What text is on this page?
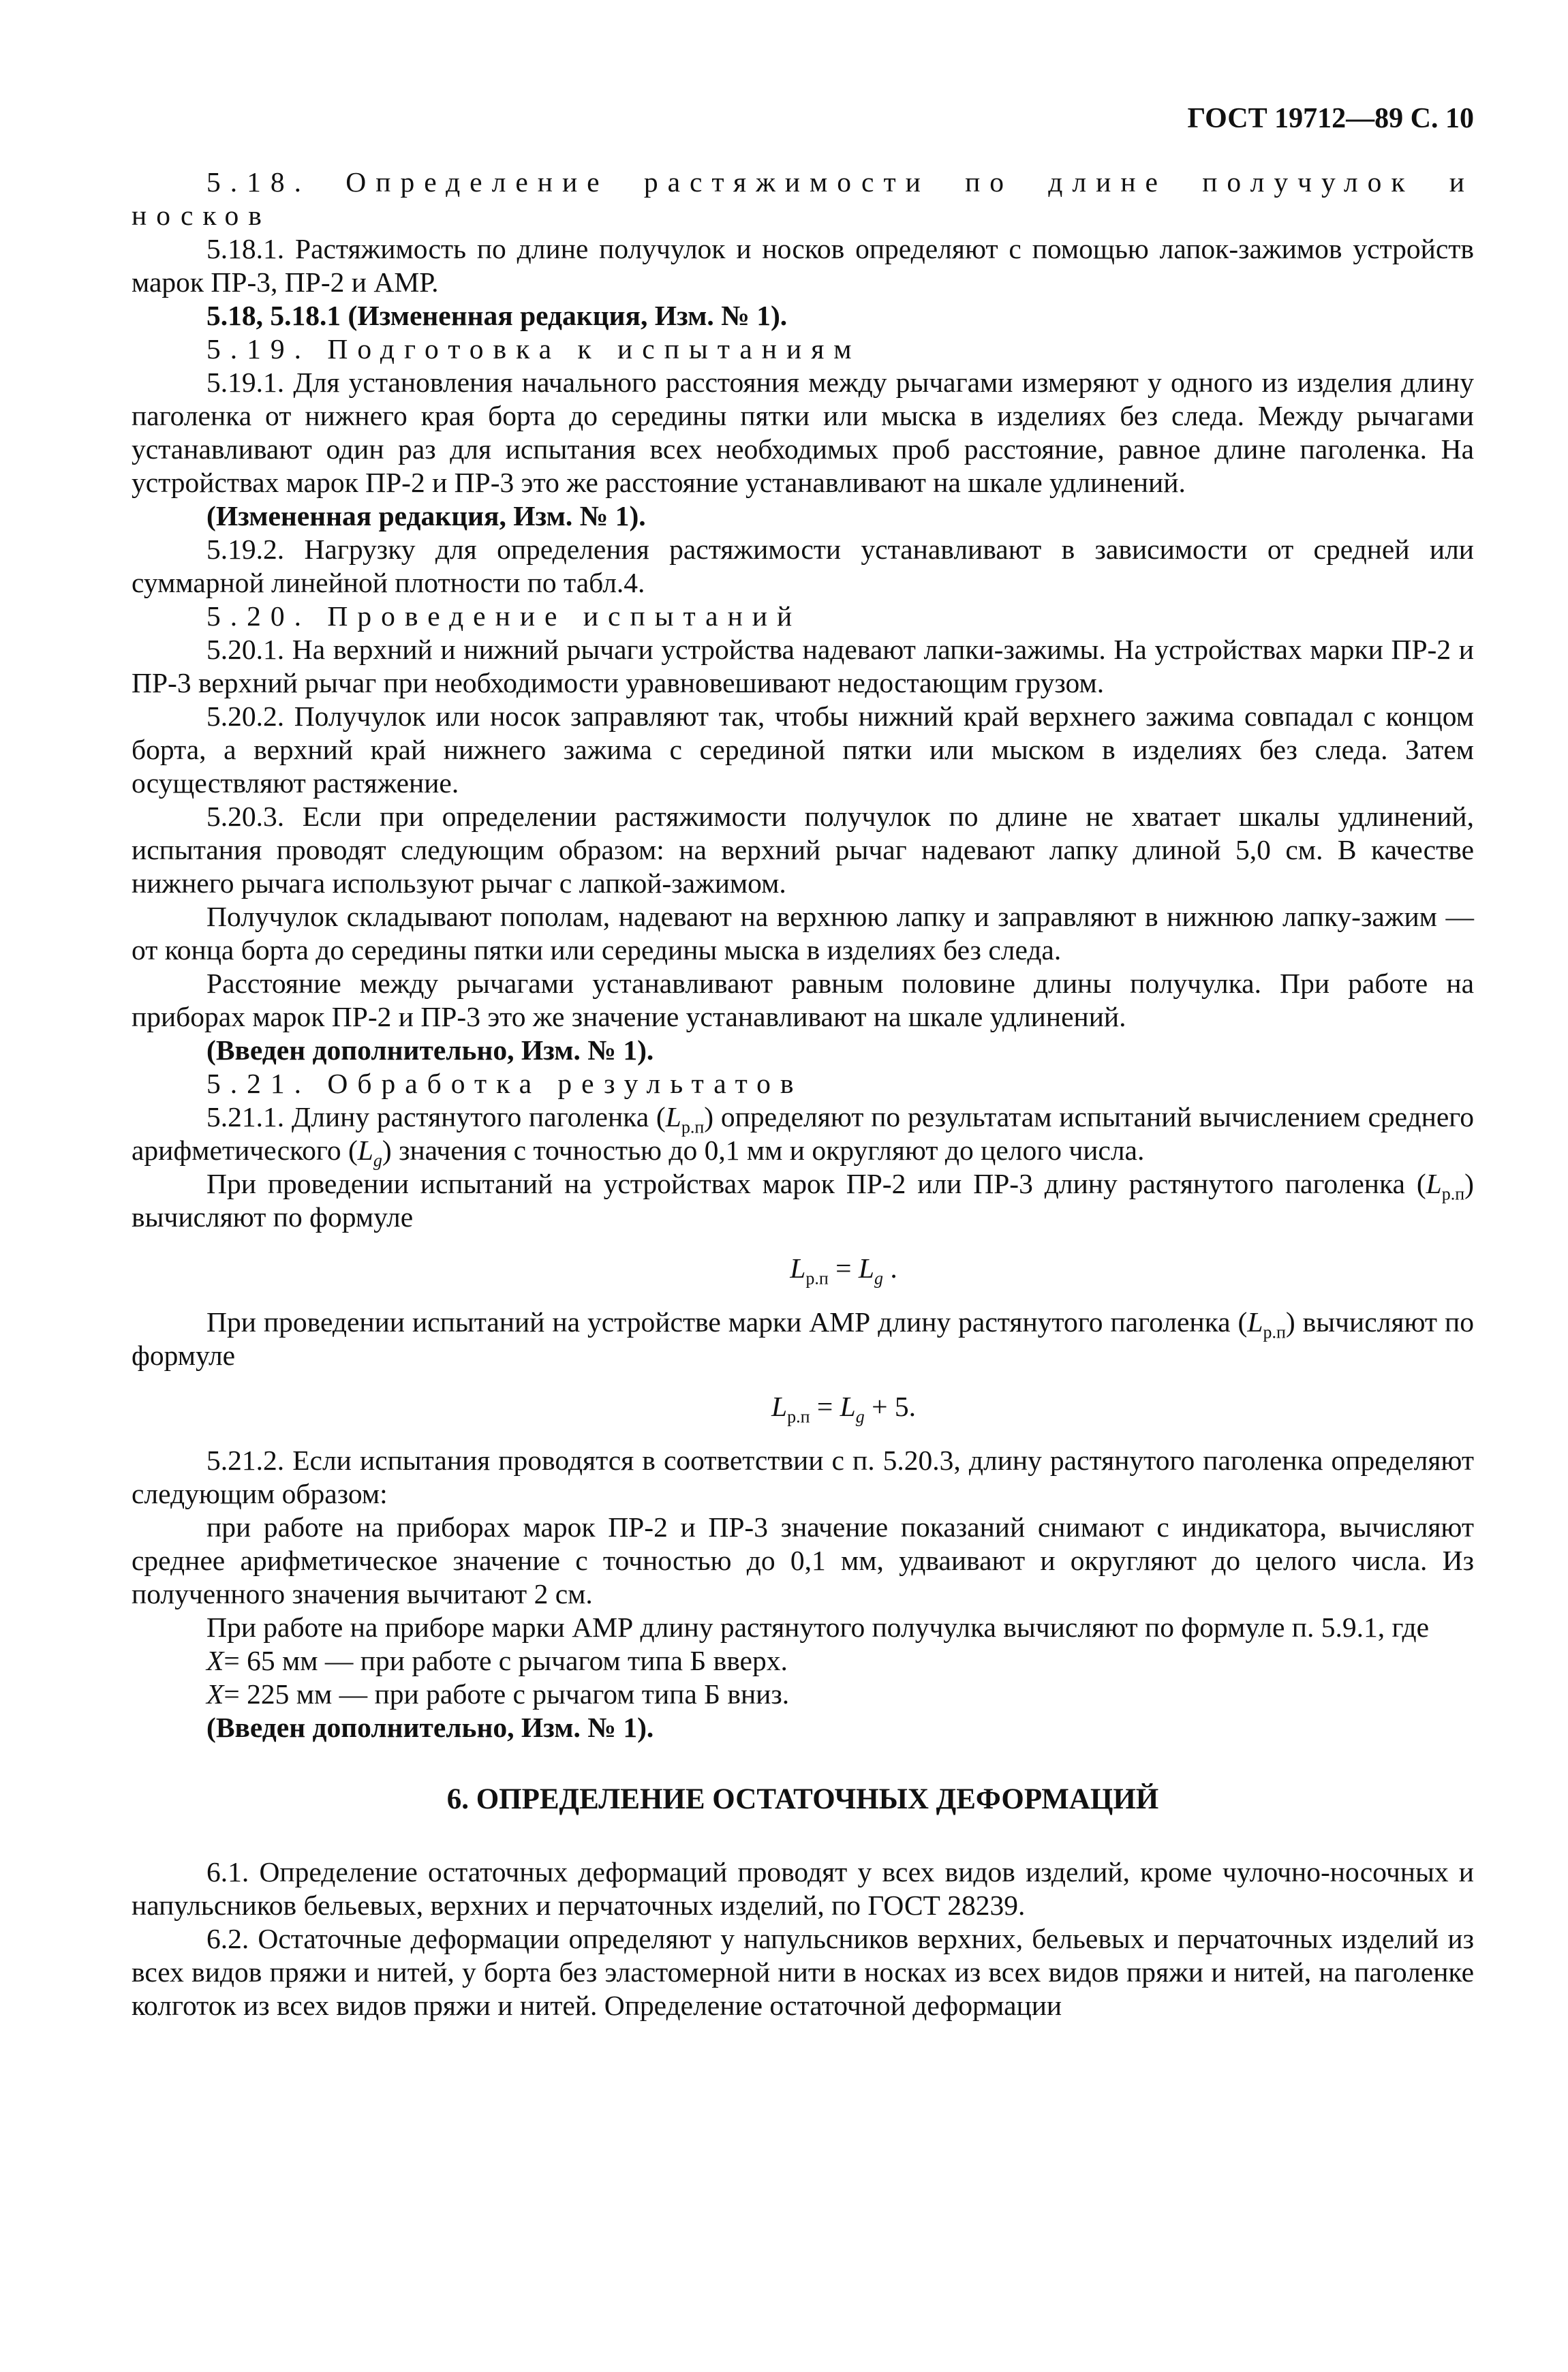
ГОСТ 19712—89 С. 10

5.18. Определение растяжимости по длине получулок и носков

5.18.1. Растяжимость по длине получулок и носков определяют с помощью лапок-зажимов устройств марок ПР-3, ПР-2 и АМР.

5.18, 5.18.1 (Измененная редакция, Изм. № 1).

5.19. Подготовка к испытаниям

5.19.1. Для установления начального расстояния между рычагами измеряют у одного из изделия длину паголенка от нижнего края борта до середины пятки или мыска в изделиях без следа. Между рычагами устанавливают один раз для испытания всех необходимых проб расстояние, равное длине паголенка. На устройствах марок ПР-2 и ПР-3 это же расстояние устанавливают на шкале удлинений.

(Измененная редакция, Изм. № 1).

5.19.2. Нагрузку для определения растяжимости устанавливают в зависимости от средней или суммарной линейной плотности по табл.4.

5.20. Проведение испытаний

5.20.1. На верхний и нижний рычаги устройства надевают лапки-зажимы. На устройствах марки ПР-2 и ПР-3 верхний рычаг при необходимости уравновешивают недостающим грузом.

5.20.2. Получулок или носок заправляют так, чтобы нижний край верхнего зажима совпадал с концом борта, а верхний край нижнего зажима с серединой пятки или мыском в изделиях без следа. Затем осуществляют растяжение.

5.20.3. Если при определении растяжимости получулок по длине не хватает шкалы удлинений, испытания проводят следующим образом: на верхний рычаг надевают лапку длиной 5,0 см. В качестве нижнего рычага используют рычаг с лапкой-зажимом.

Получулок складывают пополам, надевают на верхнюю лапку и заправляют в нижнюю лапку-зажим — от конца борта до середины пятки или середины мыска в изделиях без следа.

Расстояние между рычагами устанавливают равным половине длины получулка. При работе на приборах марок ПР-2 и ПР-3 это же значение устанавливают на шкале удлинений.

(Введен дополнительно, Изм. № 1).

5.21. Обработка результатов

5.21.1. Длину растянутого паголенка $(L_{р.п})$ определяют по результатам испытаний вычислением среднего арифметического $(L_g)$ значения с точностью до 0,1 мм и округляют до целого числа.

При проведении испытаний на устройствах марок ПР-2 или ПР-3 длину растянутого паголенка $(L_{р.п})$ вычисляют по формуле

$L_{р.п} = L_g$ .

При проведении испытаний на устройстве марки АМР длину растянутого паголенка $(L_{р.п})$ вычисляют по формуле

$L_{р.п} = L_g + 5$.

5.21.2. Если испытания проводятся в соответствии с п. 5.20.3, длину растянутого паголенка определяют следующим образом:

при работе на приборах марок ПР-2 и ПР-3 значение показаний снимают с индикатора, вычисляют среднее арифметическое значение с точностью до 0,1 мм, удваивают и округляют до целого числа. Из полученного значения вычитают 2 см.

При работе на приборе марки АМР длину растянутого получулка вычисляют по формуле п. 5.9.1, где

X= 65 мм — при работе с рычагом типа Б вверх.

X= 225 мм — при работе с рычагом типа Б вниз.

(Введен дополнительно, Изм. № 1).

6. ОПРЕДЕЛЕНИЕ ОСТАТОЧНЫХ ДЕФОРМАЦИЙ

6.1. Определение остаточных деформаций проводят у всех видов изделий, кроме чулочно-носочных и напульсников бельевых, верхних и перчаточных изделий, по ГОСТ 28239.

6.2. Остаточные деформации определяют у напульсников верхних, бельевых и перчаточных изделий из всех видов пряжи и нитей, у борта без эластомерной нити в носках из всех видов пряжи и нитей, на паголенке колготок из всех видов пряжи и нитей. Определение остаточной деформации
